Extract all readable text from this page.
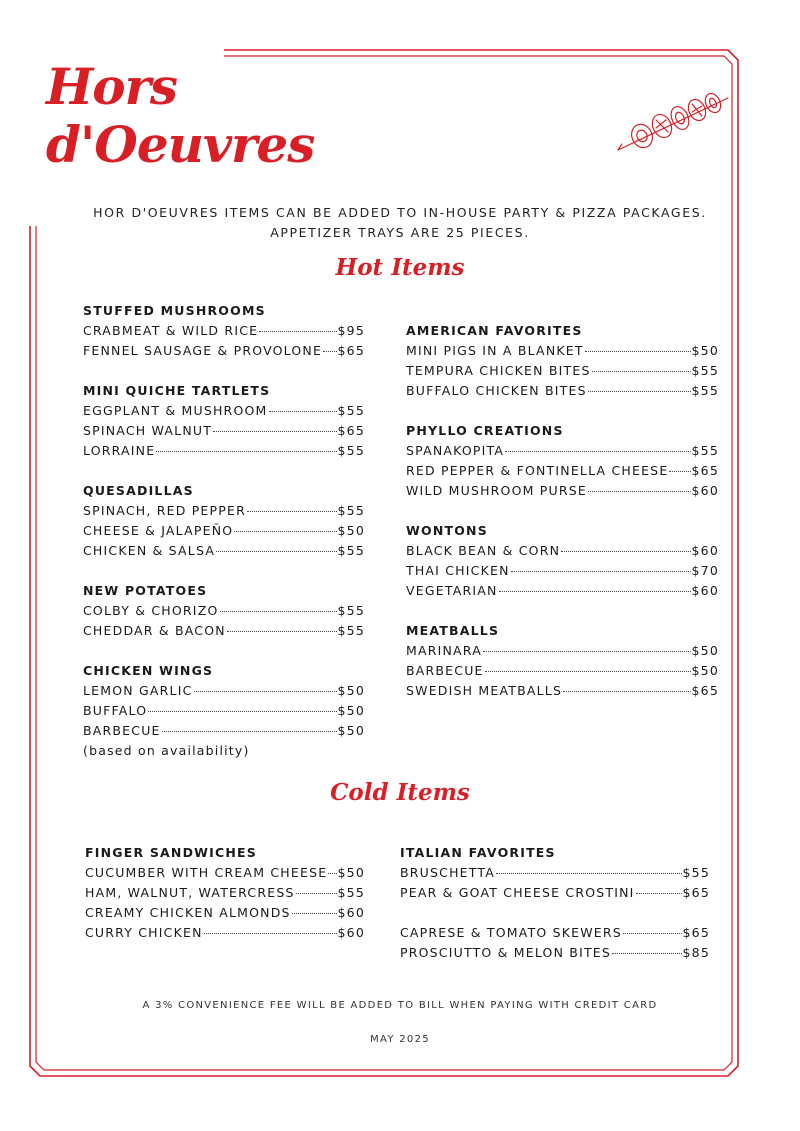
Hors
d'Oeuvres
HOR D'OEUVRES ITEMS CAN BE ADDED TO IN-HOUSE PARTY & PIZZA PACKAGES.
APPETIZER TRAYS ARE 25 PIECES.
Hot Items
STUFFED MUSHROOMS
CRABMEAT & WILD RICE	$95
FENNEL SAUSAGE & PROVOLONE $65
MINI QUICHE TARTLETS
EGGPLANT & MUSHROOM	$55
SPINACH WALNUT	$65
LORRAINE	$55
QUESADILLAS
SPINACH, RED PEPPER	$55
CHEESE & JALAPEÑO	$50
CHICKEN & SALSA	$55
NEW POTATOES
COLBY & CHORIZO	$55
CHEDDAR & BACON	$55
CHICKEN WINGS
LEMON GARLIC	$50
BUFFALO	$50
BARBECUE	$50
(based on availability)
AMERICAN FAVORITES
MINI PIGS IN A BLANKET	$50
TEMPURA CHICKEN BITES	$55
BUFFALO CHICKEN BITES	$55
PHYLLO CREATIONS
SPANAKOPITA	$55
RED PEPPER & FONTINELLA CHEESE $65
WILD MUSHROOM PURSE	$60
WONTONS
BLACK BEAN & CORN	$60
THAI CHICKEN	$70
VEGETARIAN	$60
MEATBALLS
MARINARA	$50
BARBECUE	$50
SWEDISH MEATBALLS	$65
Cold Items
FINGER SANDWICHES
CUCUMBER WITH CREAM CHEESE $50
HAM, WALNUT, WATERCRESS	$55
CREAMY CHICKEN ALMONDS	$60
CURRY CHICKEN	$60
ITALIAN FAVORITES
BRUSCHETTA	$55
PEAR & GOAT CHEESE CROSTINI	$65
CAPRESE & TOMATO SKEWERS	$65
PROSCIUTTO & MELON BITES	$85
A 3% CONVENIENCE FEE WILL BE ADDED TO BILL WHEN PAYING WITH CREDIT CARD
MAY 2025
